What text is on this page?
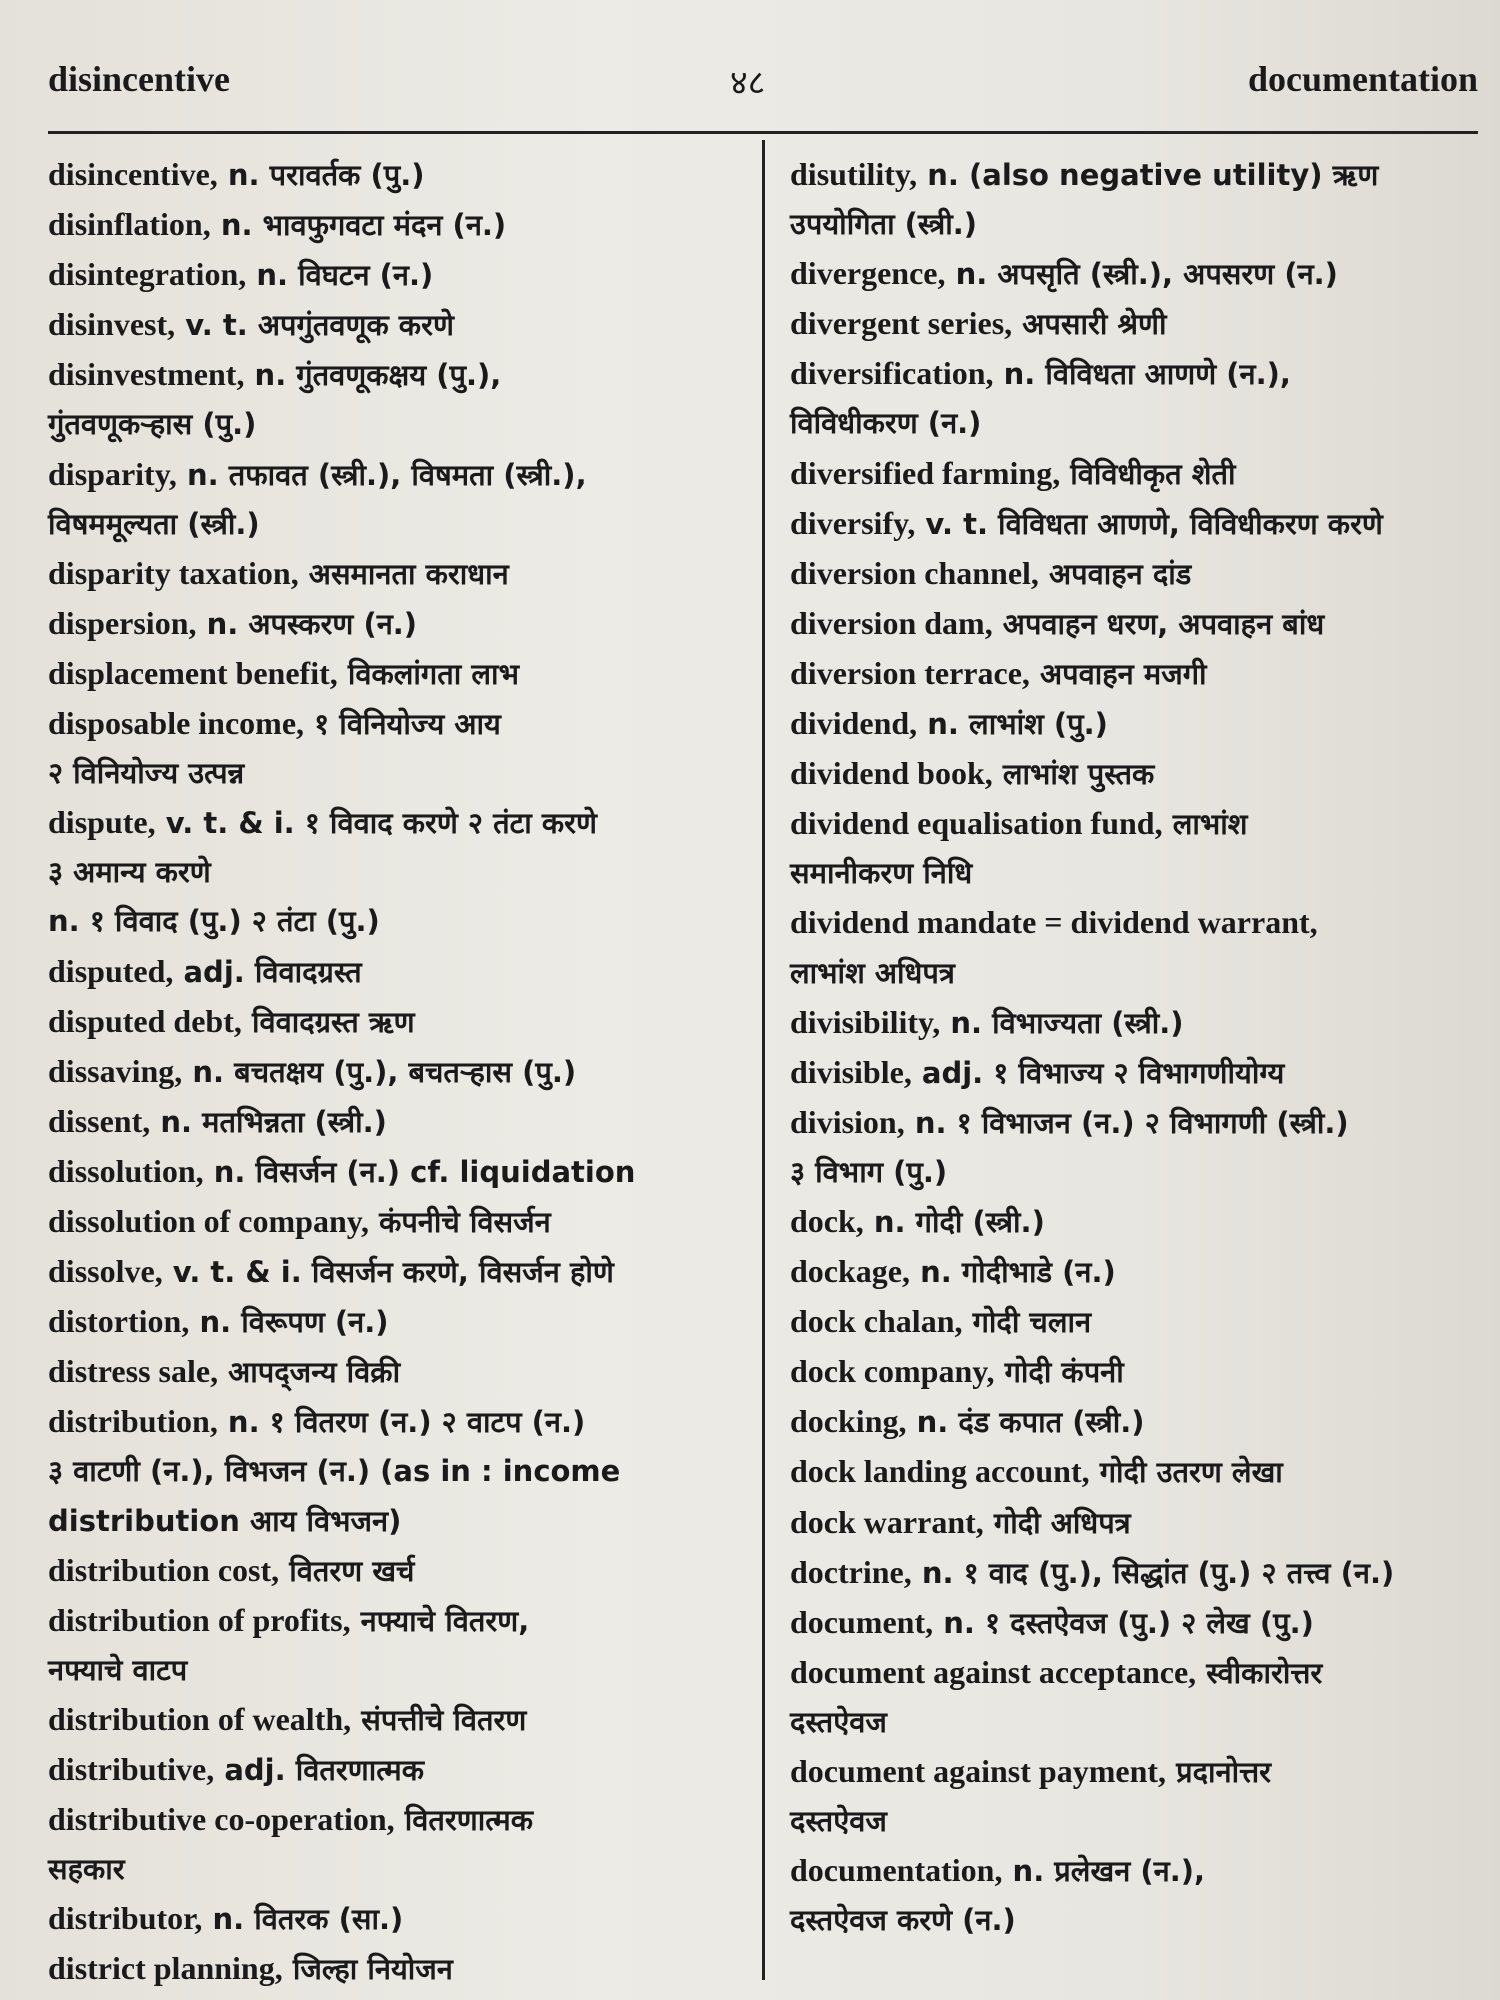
disincentive	४८	documentation
disincentive, n. परावर्तक (पु.)
disinflation, n. भावफुगवटा मंदन (न.)
disintegration, n. विघटन (न.)
disinvest, v. t. अपगुंतवणूक करणे
disinvestment, n. गुंतवणूकक्षय (पु.),
गुंतवणूकऱ्हास (पु.)
disparity, n. तफावत (स्त्री.), विषमता (स्त्री.),
विषममूल्यता (स्त्री.)
disparity taxation, असमानता कराधान
dispersion, n. अपस्करण (न.)
displacement benefit, विकलांगता लाभ
disposable income, १ विनियोज्य आय
२ विनियोज्य उत्पन्न
dispute, v. t. & i. १ विवाद करणे २ तंटा करणे
३ अमान्य करणे
n. १ विवाद (पु.) २ तंटा (पु.)
disputed, adj. विवादग्रस्त
disputed debt, विवादग्रस्त ऋण
dissaving, n. बचतक्षय (पु.), बचतऱ्हास (पु.)
dissent, n. मतभिन्नता (स्त्री.)
dissolution, n. विसर्जन (न.) cf. liquidation
dissolution of company, कंपनीचे विसर्जन
dissolve, v. t. & i. विसर्जन करणे, विसर्जन होणे
distortion, n. विरूपण (न.)
distress sale, आपद्‌जन्य विक्री
distribution, n. १ वितरण (न.) २ वाटप (न.)
३ वाटणी (न.), विभजन (न.) (as in : income
distribution आय विभजन)
distribution cost, वितरण खर्च
distribution of profits, नफ्याचे वितरण,
नफ्याचे वाटप
distribution of wealth, संपत्तीचे वितरण
distributive, adj. वितरणात्मक
distributive co-operation, वितरणात्मक
सहकार
distributor, n. वितरक (सा.)
district planning, जिल्हा नियोजन
disutility, n. (also negative utility) ऋण
उपयोगिता (स्त्री.)
divergence, n. अपसृति (स्त्री.), अपसरण (न.)
divergent series, अपसारी श्रेणी
diversification, n. विविधता आणणे (न.),
विविधीकरण (न.)
diversified farming, विविधीकृत शेती
diversify, v. t. विविधता आणणे, विविधीकरण करणे
diversion channel, अपवाहन दांड
diversion dam, अपवाहन धरण, अपवाहन बांध
diversion terrace, अपवाहन मजगी
dividend, n. लाभांश (पु.)
dividend book, लाभांश पुस्तक
dividend equalisation fund, लाभांश
समानीकरण निधि
dividend mandate = dividend warrant,
लाभांश अधिपत्र
divisibility, n. विभाज्यता (स्त्री.)
divisible, adj. १ विभाज्य २ विभागणीयोग्य
division, n. १ विभाजन (न.) २ विभागणी (स्त्री.)
३ विभाग (पु.)
dock, n. गोदी (स्त्री.)
dockage, n. गोदीभाडे (न.)
dock chalan, गोदी चलान
dock company, गोदी कंपनी
docking, n. दंड कपात (स्त्री.)
dock landing account, गोदी उतरण लेखा
dock warrant, गोदी अधिपत्र
doctrine, n. १ वाद (पु.), सिद्धांत (पु.) २ तत्त्व (न.)
document, n. १ दस्तऐवज (पु.) २ लेख (पु.)
document against acceptance, स्वीकारोत्तर
दस्तऐवज
document against payment, प्रदानोत्तर
दस्तऐवज
documentation, n. प्रलेखन (न.),
दस्तऐवज करणे (न.)
